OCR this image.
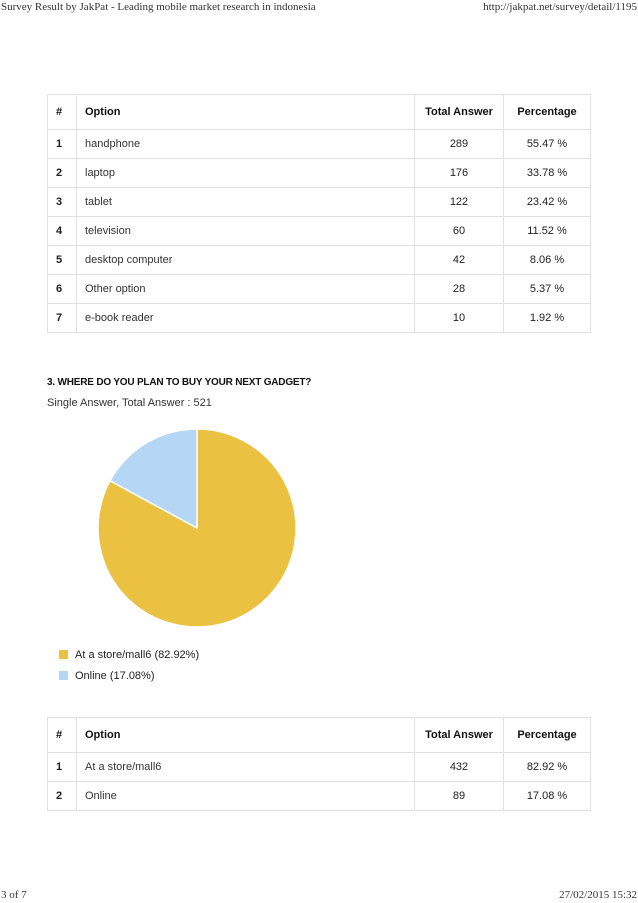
Survey Result by JakPat - Leading mobile market research in indonesia	http://jakpat.net/survey/detail/1195
#	Option	Total Answer	Percentage
1	handphone	289	55.47 %
2	laptop	176	33.78 %
3	tablet	122	23.42 %
4	television	60	11.52 %
5	desktop computer	42	8.06 %
6	Other option	28	5.37 %
7	e-book reader	10	1.92 %
3. WHERE DO YOU PLAN TO BUY YOUR NEXT GADGET?
Single Answer, Total Answer : 521
At a store/mall6
(82.92%)
Online
(17.08%)
#	Option	Total Answer	Percentage
1	At a store/mall6	432	82.92 %
2	Online	89	17.08 %
3 of 7	27/02/2015 15:32
